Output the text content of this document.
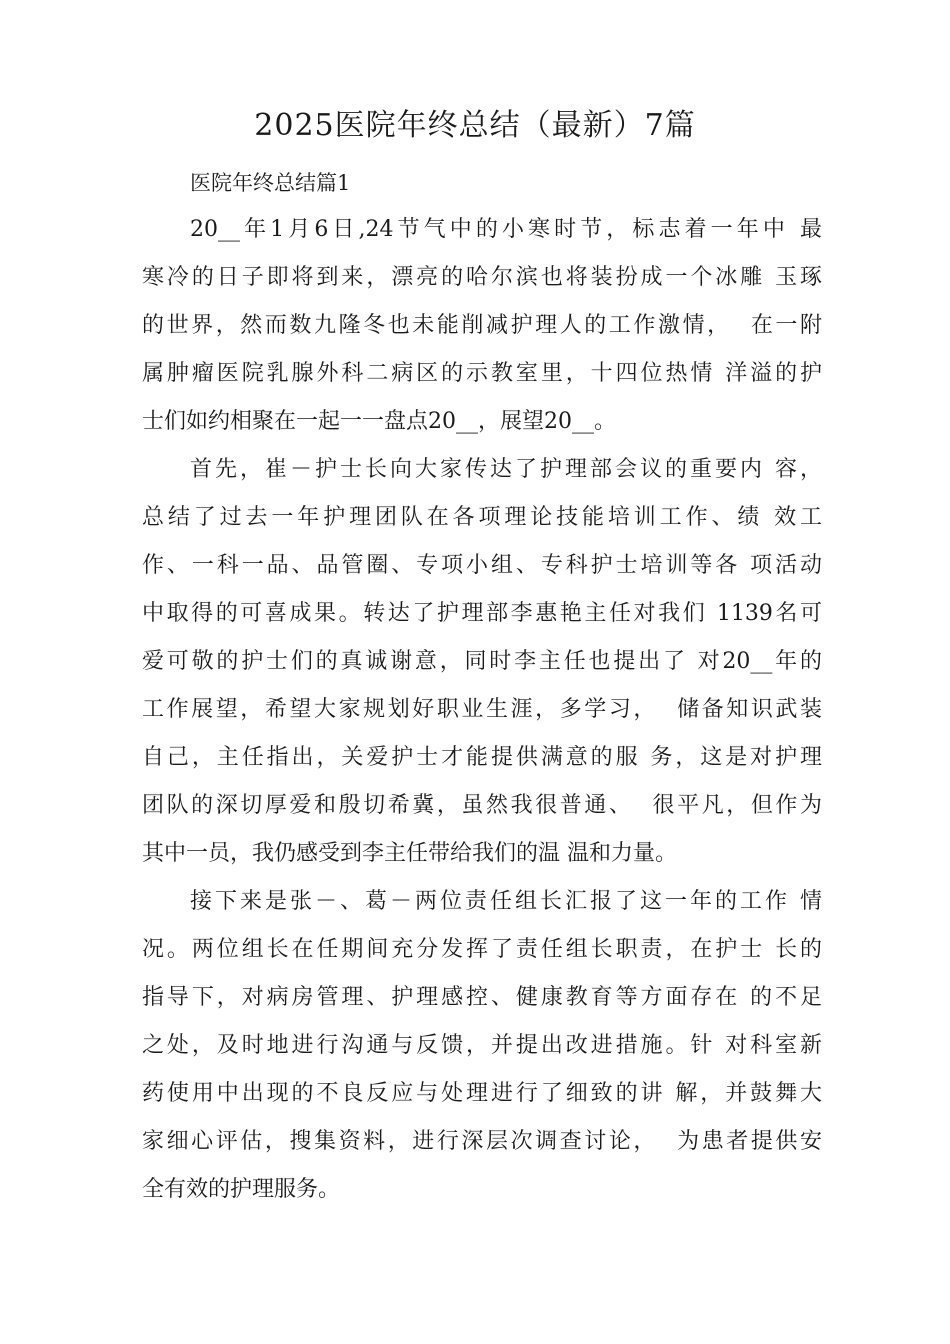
2025医院年终总结（最新）7篇

医院年终总结篇1

20__年1月6日,24节气中的小寒时节，标志着一年中 最
寒冷的日子即将到来，漂亮的哈尔滨也将装扮成一个冰雕 玉琢
的世界，然而数九隆冬也未能削减护理人的工作激情，  在一附
属肿瘤医院乳腺外科二病区的示教室里，十四位热情 洋溢的护
士们如约相聚在一起一一盘点20__，展望20__。
首先，崔－护士长向大家传达了护理部会议的重要内 容，
总结了过去一年护理团队在各项理论技能培训工作、绩 效工
作、一科一品、品管圈、专项小组、专科护士培训等各 项活动
中取得的可喜成果。转达了护理部李惠艳主任对我们 1139名可
爱可敬的护士们的真诚谢意，同时李主任也提出了 对20__年的
工作展望，希望大家规划好职业生涯，多学习，  储备知识武装
自己，主任指出，关爱护士才能提供满意的服 务，这是对护理
团队的深切厚爱和殷切希冀，虽然我很普通、  很平凡，但作为
其中一员，我仍感受到李主任带给我们的温 温和力量。
接下来是张－、葛－两位责任组长汇报了这一年的工作 情
况。两位组长在任期间充分发挥了责任组长职责，在护士 长的
指导下，对病房管理、护理感控、健康教育等方面存在 的不足
之处，及时地进行沟通与反馈，并提出改进措施。针 对科室新
药使用中出现的不良反应与处理进行了细致的讲 解，并鼓舞大
家细心评估，搜集资料，进行深层次调查讨论，  为患者提供安
全有效的护理服务。
